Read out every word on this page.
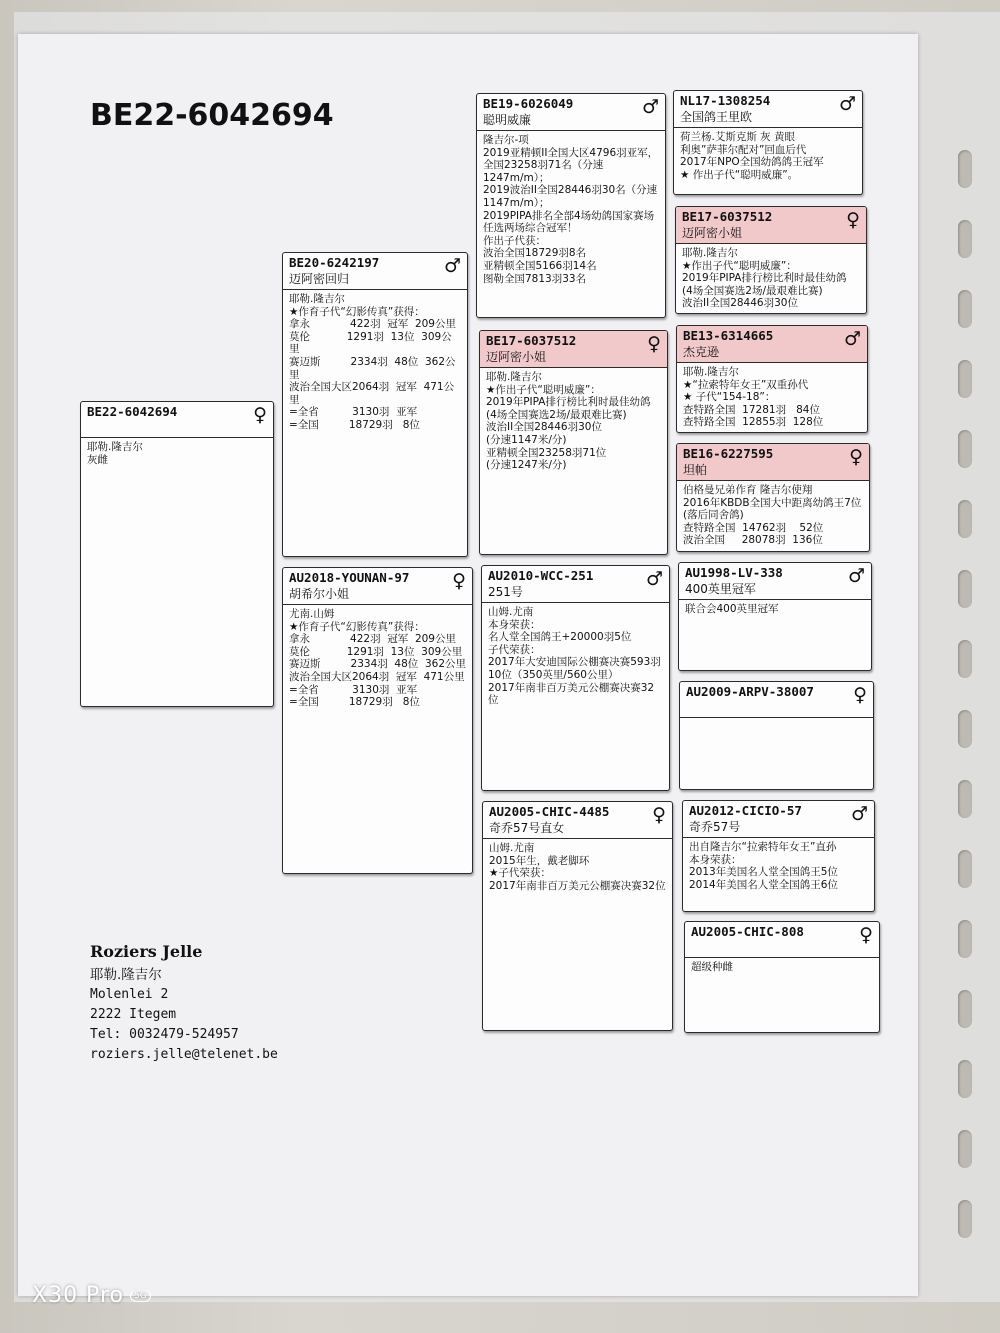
BE22-6042694
BE22-6042694	♀
耶勒.隆吉尔
灰雌
BE20-6242197
迈阿密回归
♂
耶勒.隆吉尔
★作育子代“幻影传真”获得：
拿永            422羽  冠军  209公里
莫伦           1291羽  13位  309公里
赛迈斯         2334羽  48位  362公里
波治全国大区2064羽  冠军  471公里
=全省          3130羽  亚军
=全国         18729羽   8位
AU2018-YOUNAN-97
胡希尔小姐
♀
尤南.山姆
★作育子代“幻影传真”获得：
拿永            422羽  冠军  209公里
莫伦           1291羽  13位  309公里
赛迈斯         2334羽  48位  362公里
波治全国大区2064羽  冠军  471公里
=全省          3130羽  亚军
=全国         18729羽   8位
BE19-6026049
聪明威廉
♂
隆吉尔-项
2019亚精顿II全国大区4796羽亚军，
全国23258羽71名（分速1247m/m）；
2019波治II全国28446羽30名（分速1147m/m）；
2019PIPA排名全部4场幼鸽国家赛场任选两场综合冠军！
作出子代获：
波治全国18729羽8名
亚精顿全国5166羽14名
图勒全国7813羽33名
BE17-6037512
迈阿密小姐
♀
耶勒.隆吉尔
★作出子代“聪明威廉”：
2019年PIPA排行榜比利时最佳幼鸽
(4场全国赛选2场/最艰难比赛)
波治II全国28446羽30位
(分速1147米/分)
亚精顿全国23258羽71位
(分速1247米/分)
AU2010-WCC-251
251号
♂
山姆.尤南
本身荣获：
名人堂全国鸽王+20000羽5位
子代荣获：
2017年大安迪国际公棚赛决赛593羽10位（350英里/560公里）
2017年南非百万美元公棚赛决赛32位
AU2005-CHIC-4485
奇乔57号直女
♀
山姆.尤南
2015年生，戴老脚环
★子代荣获：
2017年南非百万美元公棚赛决赛32位
NL17-1308254
全国鸽王里欧
♂
荷兰杨.艾斯克斯 灰 黄眼
利奥”萨菲尔配对”回血后代
2017年NPO全国幼鸽鸽王冠军
★ 作出子代“聪明威廉”。
BE17-6037512
迈阿密小姐
♀
耶勒.隆吉尔
★作出子代“聪明威廉”：
2019年PIPA排行榜比利时最佳幼鸽
(4场全国赛选2场/最艰难比赛)
波治II全国28446羽30位
BE13-6314665
杰克逊
♂
耶勒.隆吉尔
★“拉索特年女王”双重孙代
★ 子代“154-18”：
查特路全国  17281羽   84位
查特路全国  12855羽  128位
BE16-6227595
坦帕
♀
伯格曼兄弟作育 隆吉尔使翔
2016年KBDB全国大中距离幼鸽王7位
(落后同舍鸽)
查特路全国  14762羽    52位
波治全国     28078羽  136位
AU1998-LV-338
400英里冠军
♂
联合会400英里冠军
AU2009-ARPV-38007	♀
AU2012-CICIO-57
奇乔57号
♂
出自隆吉尔“拉索特年女王”直孙
本身荣获：
2013年美国名人堂全国鸽王5位
2014年美国名人堂全国鸽王6位
AU2005-CHIC-808	♀
超级种雌
Roziers Jelle
耶勒.隆吉尔
Molenlei 2
2222 Itegem
Tel: 0032479-524957
roziers.jelle@telenet.be
X30 Pro 5G
